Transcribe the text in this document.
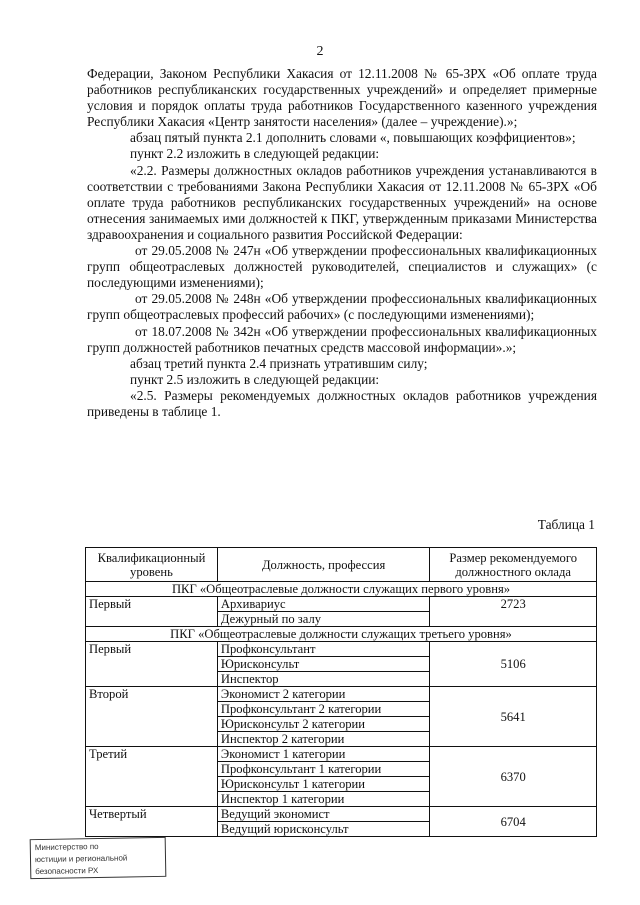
2

Федерации, Законом Республики Хакасия от 12.11.2008 № 65-ЗРХ «Об оплате труда работников республиканских государственных учреждений» и определяет примерные условия и порядок оплаты труда работников Государственного казенного учреждения Республики Хакасия «Центр занятости населения» (далее – учреждение).»;

абзац пятый пункта 2.1 дополнить словами «, повышающих коэффициентов»;

пункт 2.2 изложить в следующей редакции:

«2.2. Размеры должностных окладов работников учреждения устанавливаются в соответствии с требованиями Закона Республики Хакасия от 12.11.2008 № 65-ЗРХ «Об оплате труда работников республиканских государственных учреждений» на основе отнесения занимаемых ими должностей к ПКГ, утвержденным приказами Министерства здравоохранения и социального развития Российской Федерации:

от 29.05.2008 № 247н «Об утверждении профессиональных квалификационных групп общеотраслевых должностей руководителей, специалистов и служащих» (с последующими изменениями);

от 29.05.2008 № 248н «Об утверждении профессиональных квалификационных групп общеотраслевых профессий рабочих» (с последующими изменениями);

от 18.07.2008 № 342н «Об утверждении профессиональных квалификационных групп должностей работников печатных средств массовой информации».»;

абзац третий пункта 2.4 признать утратившим силу;

пункт 2.5 изложить в следующей редакции:

«2.5. Размеры рекомендуемых должностных окладов работников учреждения приведены в таблице 1.

Таблица 1
Квалификационный уровень	Должность, профессия	Размер рекомендуемого должностного оклада
ПКГ «Общеотраслевые должности служащих первого уровня»		
Первый	Архивариус	2723
	Дежурный по залу	
ПКГ «Общеотраслевые должности служащих третьего уровня»		
Первый	Профконсультант	5106
	Юрисконсульт	
	Инспектор	
Второй	Экономист 2 категории	5641
	Профконсультант 2 категории	
	Юрисконсульт 2 категории	
	Инспектор 2 категории	
Третий	Экономист 1 категории	6370
	Профконсультант 1 категории	
	Юрисконсульт 1 категории	
	Инспектор 1 категории	
Четвертый	Ведущий экономист	6704
	Ведущий юрисконсульт	
Министерство по
юстиции и региональной
безопасности РХ
